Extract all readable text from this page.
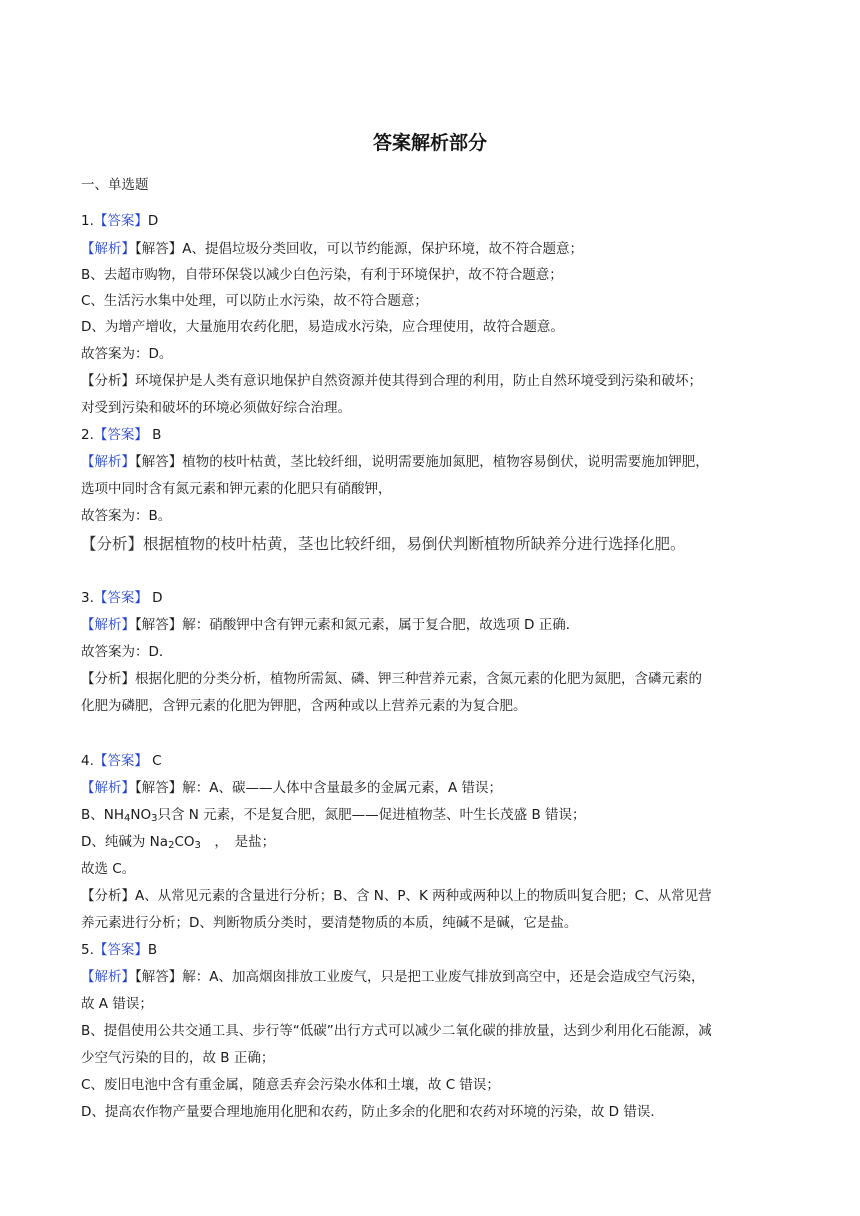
答案解析部分
一、单选题
1.【答案】D
【解析】【解答】A、提倡垃圾分类回收，可以节约能源，保护环境，故不符合题意；
B、去超市购物，自带环保袋以减少白色污染，有利于环境保护，故不符合题意；
C、生活污水集中处理，可以防止水污染，故不符合题意；
D、为增产增收，大量施用农药化肥，易造成水污染，应合理使用，故符合题意。
故答案为：D。
【分析】环境保护是人类有意识地保护自然资源并使其得到合理的利用，防止自然环境受到污染和破坏；
对受到污染和破坏的环境必须做好综合治理。
2.【答案】 B
【解析】【解答】植物的枝叶枯黄，茎比较纤细，说明需要施加氮肥，植物容易倒伏，说明需要施加钾肥，
选项中同时含有氮元素和钾元素的化肥只有硝酸钾，
故答案为：B。
【分析】根据植物的枝叶枯黄，茎也比较纤细，易倒伏判断植物所缺养分进行选择化肥。
3.【答案】 D
【解析】【解答】解：硝酸钾中含有钾元素和氮元素，属于复合肥，故选项 D 正确．
故答案为：D．
【分析】根据化肥的分类分析，植物所需氮、磷、钾三种营养元素，含氮元素的化肥为氮肥，含磷元素的
化肥为磷肥，含钾元素的化肥为钾肥，含两种或以上营养元素的为复合肥。
4.【答案】 C
【解析】【解答】解：A、碳——人体中含量最多的金属元素，A 错误；
B、$NH_4NO_3$只含 N 元素，不是复合肥，氮肥——促进植物茎、叶生长茂盛 B 错误；
D、纯碱为 $Na_2CO_3$　，　是盐；
故选 C。
【分析】A、从常见元素的含量进行分析；B、含 N、P、K 两种或两种以上的物质叫复合肥；C、从常见营
养元素进行分析；D、判断物质分类时，要清楚物质的本质，纯碱不是碱，它是盐。
5.【答案】B
【解析】【解答】解：A、加高烟囱排放工业废气，只是把工业废气排放到高空中，还是会造成空气污染，
故 A 错误；
B、提倡使用公共交通工具、步行等“低碳”出行方式可以减少二氧化碳的排放量，达到少利用化石能源，减
少空气污染的目的，故 B 正确；
C、废旧电池中含有重金属，随意丢弃会污染水体和土壤，故 C 错误；
D、提高农作物产量要合理地施用化肥和农药，防止多余的化肥和农药对环境的污染，故 D 错误．
